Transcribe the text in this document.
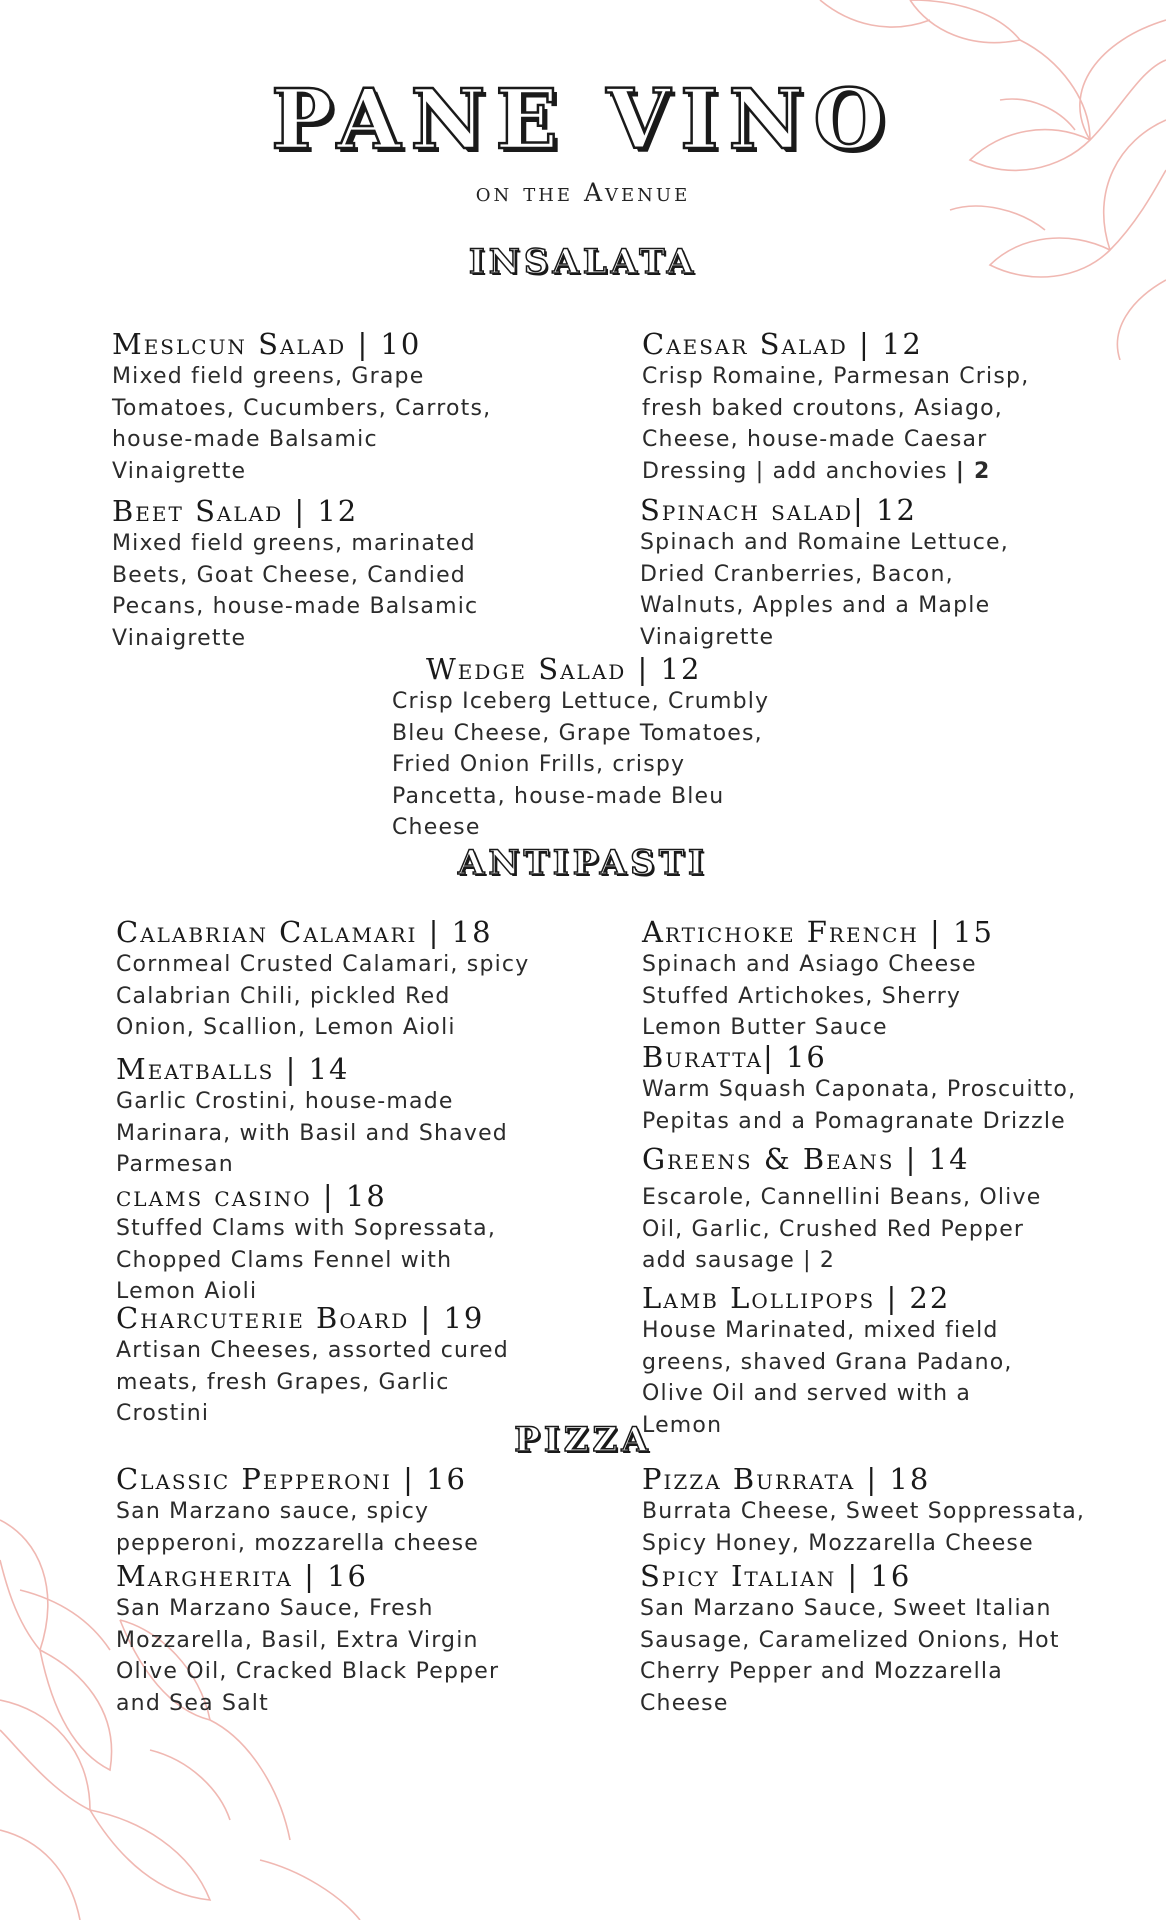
PANE VINO
on the Avenue
INSALATA
Meslcun Salad | 10
Mixed field greens, Grape Tomatoes, Cucumbers, Carrots, house-made Balsamic Vinaigrette
Caesar Salad | 12
Crisp Romaine, Parmesan Crisp, fresh baked croutons, Asiago, Cheese, house-made Caesar Dressing | add anchovies | 2
Beet Salad | 12
Mixed field greens, marinated Beets, Goat Cheese, Candied Pecans, house-made Balsamic Vinaigrette
Spinach salad| 12
Spinach and Romaine Lettuce, Dried Cranberries, Bacon, Walnuts, Apples and a Maple Vinaigrette
Wedge Salad | 12
Crisp Iceberg Lettuce, Crumbly Bleu Cheese, Grape Tomatoes, Fried Onion Frills, crispy Pancetta, house-made Bleu Cheese
ANTIPASTI
Calabrian Calamari | 18
Cornmeal Crusted Calamari, spicy Calabrian Chili, pickled Red Onion, Scallion, Lemon Aioli
Artichoke French | 15
Spinach and Asiago Cheese Stuffed Artichokes, Sherry Lemon Butter Sauce
Meatballs | 14
Garlic Crostini, house-made Marinara, with Basil and Shaved Parmesan
Buratta| 16
Warm Squash Caponata, Proscuitto, Pepitas and a Pomagranate Drizzle
clams casino | 18
Stuffed Clams with Sopressata, Chopped Clams Fennel with Lemon Aioli
Greens & Beans | 14
Escarole, Cannellini Beans, Olive Oil, Garlic, Crushed Red Pepper add sausage | 2
Charcuterie Board | 19
Artisan Cheeses, assorted cured meats, fresh Grapes, Garlic Crostini
Lamb Lollipops | 22
House Marinated, mixed field greens, shaved Grana Padano, Olive Oil and served with a Lemon
PIZZA
Classic Pepperoni | 16
San Marzano sauce, spicy pepperoni, mozzarella cheese
Pizza Burrata | 18
Burrata Cheese, Sweet Soppressata, Spicy Honey, Mozzarella Cheese
Margherita | 16
San Marzano Sauce, Fresh Mozzarella, Basil, Extra Virgin Olive Oil, Cracked Black Pepper and Sea Salt
Spicy Italian | 16
San Marzano Sauce, Sweet Italian Sausage, Caramelized Onions, Hot Cherry Pepper and Mozzarella Cheese
